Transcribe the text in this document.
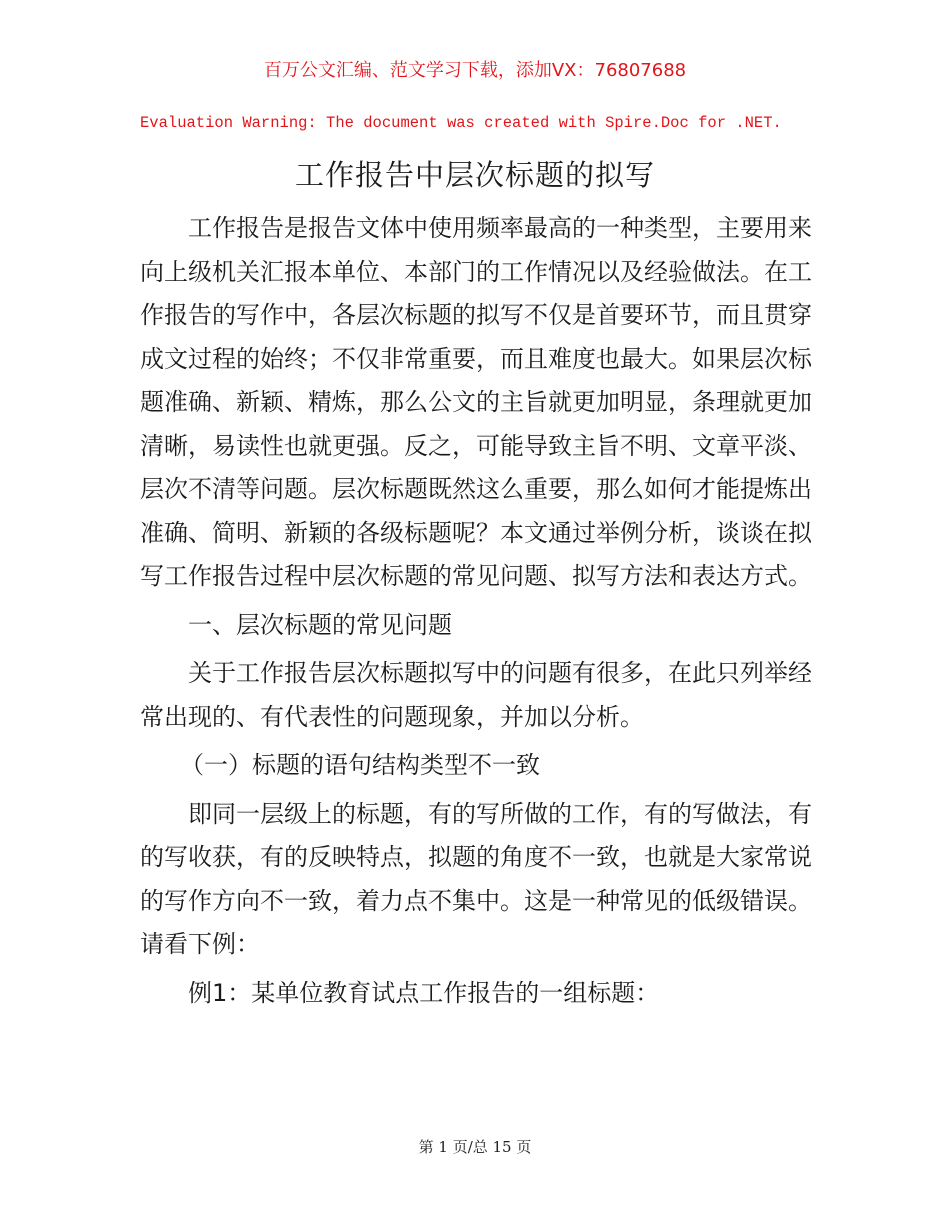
百万公文汇编、范文学习下载，添加VX：76807688
Evaluation Warning: The document was created with Spire.Doc for .NET.
工作报告中层次标题的拟写

工作报告是报告文体中使用频率最高的一种类型，主要用来向上级机关汇报本单位、本部门的工作情况以及经验做法。在工作报告的写作中，各层次标题的拟写不仅是首要环节，而且贯穿成文过程的始终；不仅非常重要，而且难度也最大。如果层次标题准确、新颖、精炼，那么公文的主旨就更加明显，条理就更加清晰，易读性也就更强。反之，可能导致主旨不明、文章平淡、层次不清等问题。层次标题既然这么重要，那么如何才能提炼出准确、简明、新颖的各级标题呢？本文通过举例分析，谈谈在拟写工作报告过程中层次标题的常见问题、拟写方法和表达方式。

一、层次标题的常见问题

关于工作报告层次标题拟写中的问题有很多，在此只列举经常出现的、有代表性的问题现象，并加以分析。

（一）标题的语句结构类型不一致

即同一层级上的标题，有的写所做的工作，有的写做法，有的写收获，有的反映特点，拟题的角度不一致，也就是大家常说的写作方向不一致，着力点不集中。这是一种常见的低级错误。请看下例：

例1：某单位教育试点工作报告的一组标题：

第 1 页/总 15 页
